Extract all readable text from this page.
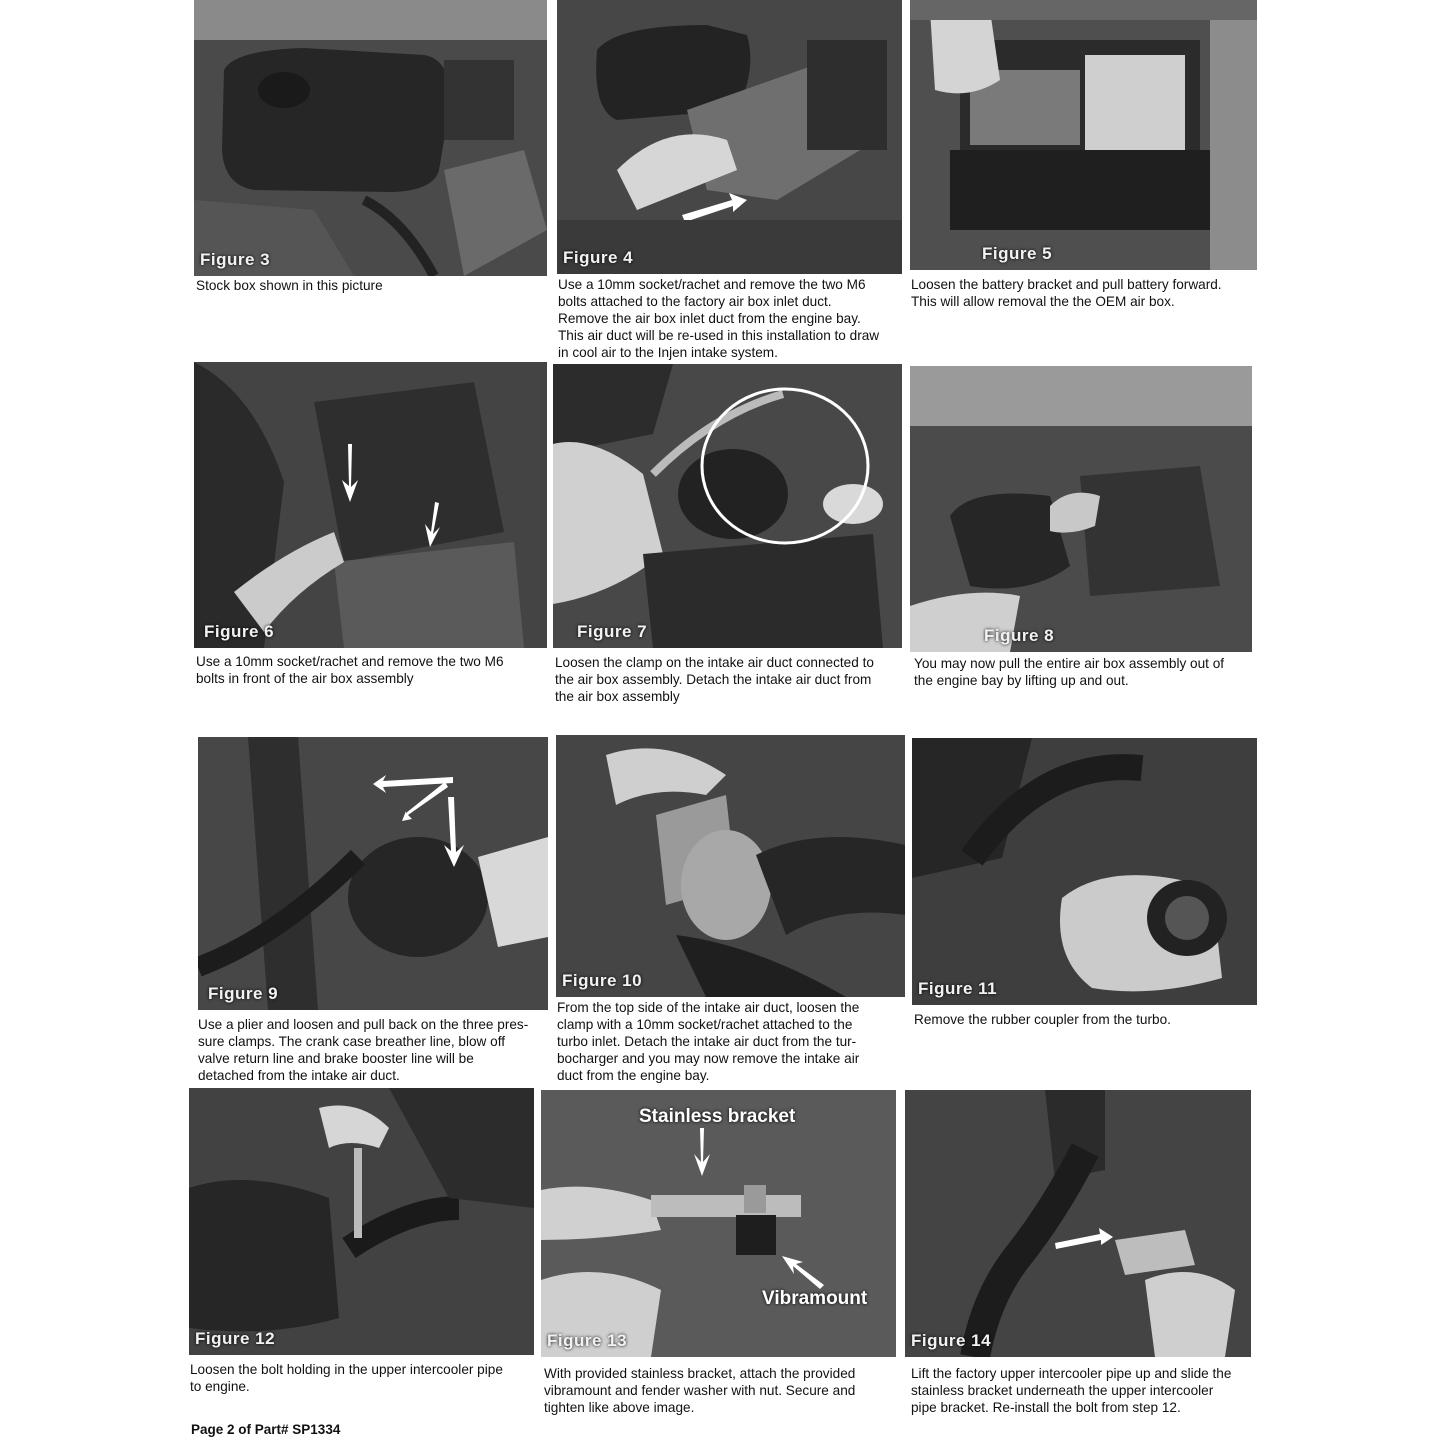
Figure 3
Stock box shown in this picture
Figure 4
Use a 10mm socket/rachet and remove the two M6
bolts attached to the factory air box inlet duct.
Remove the air box inlet duct from the engine bay.
This air duct will be re-used in this installation to draw
in cool air to the Injen intake system.
Figure 5
Loosen the battery bracket and pull battery forward.
This will allow removal the the OEM air box.
Figure 6
Use a 10mm socket/rachet and remove the two M6
bolts in front of the air box assembly
Figure 7
Loosen the clamp on the intake air duct connected to
the air box assembly. Detach the intake air duct from
the air box assembly
Figure 8
You may now pull the entire air box assembly out of
the engine bay by lifting up and out.
Figure 9
Use a plier and loosen and pull back on the three pres-
sure clamps. The crank case breather line, blow off
valve return line and brake booster line will be
detached from the intake air duct.
Figure 10
From the top side of the intake air duct, loosen the
clamp with a 10mm socket/rachet attached to the
turbo inlet. Detach the intake air duct from the tur-
bocharger and you may now remove the intake air
duct from the engine bay.
Figure 11
Remove the rubber coupler from the turbo.
Figure 12
Loosen the bolt holding in the upper intercooler pipe
to engine.
Stainless bracket
Vibramount
Figure 13
With provided stainless bracket, attach the provided
vibramount and fender washer with nut. Secure and
tighten like above image.
Figure 14
Lift the factory upper intercooler pipe up and slide the
stainless bracket underneath the upper intercooler
pipe bracket. Re-install the bolt from step 12.
Page 2 of Part# SP1334
